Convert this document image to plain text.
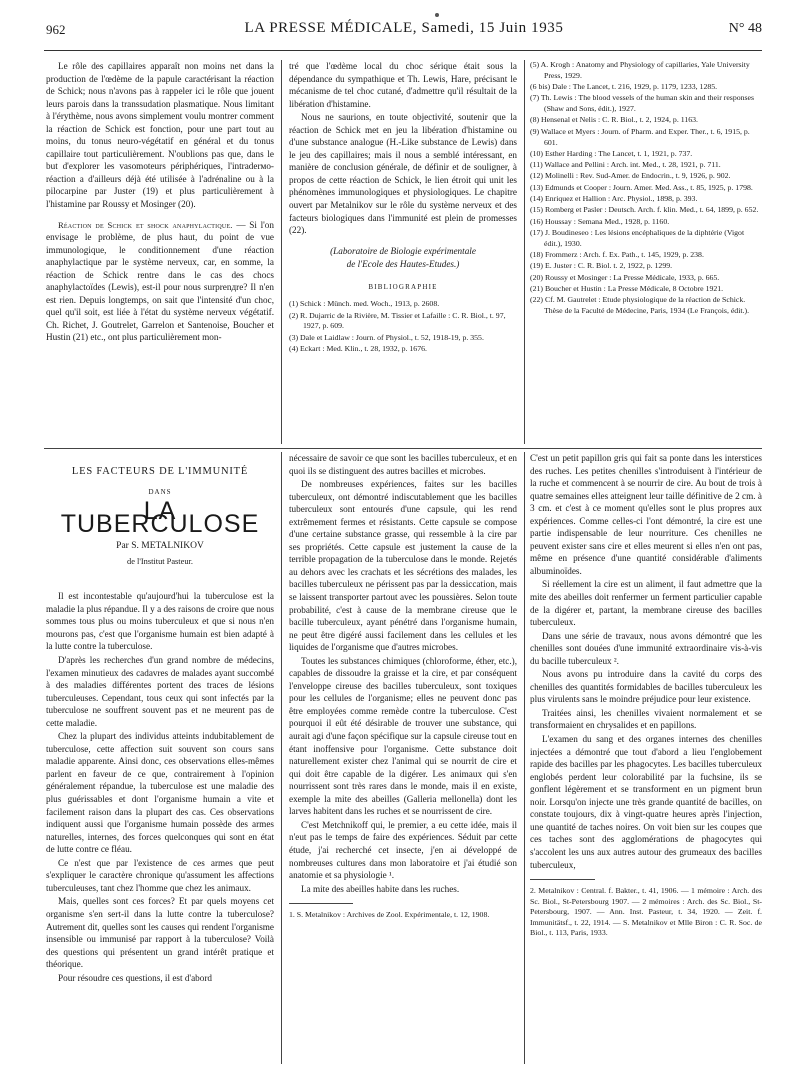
962	LA PRESSE MÉDICALE, Samedi, 15 Juin 1935	N° 48

Le rôle des capillaires apparaît non moins net dans la production de l'œdème de la papule caractérisant la réaction de Schick; nous n'avons pas à rappeler ici le rôle que jouent leurs parois dans la transsudation plasmatique. Nous limitant à l'érythème, nous avons simplement voulu montrer comment la réaction de Schick est fonction, pour une part tout au moins, du tonus neuro-végétatif en général et du tonus capillaire tout particulièrement. N'oublions pas que, dans le but d'explorer les vasomoteurs périphériques, l'intraderмo-réaction a d'ailleurs déjà été utilisée à l'adrénaline ou à la pilocarpine par Juster (19) et plus particulièrement à l'histamine par Roussy et Mosinger (20).

Réaction de Schick et shock anaphylactique. — Si l'on envisage le problème, de plus haut, du point de vue immunologique, le conditionnement d'une réaction anaphylactique par le système nerveux, car, en somme, la réaction de Schick rentre dans le cas des chocs anaphylactoïdes (Lewis), est-il pour nous surprenдre? Il n'en est rien. Depuis longtemps, on sait que l'intensité d'un choc, quel qu'il soit, est liée à l'état du système nerveux végétatif. Ch. Richet, J. Goutrelet, Garrelon et Santenoise, Boucher et Hustin (21) etc., ont plus particulièrement mon-

tré que l'œdème local du choc sérique était sous la dépendance du sympathique et Th. Lewis, Hare, précisant le mécanisme de tel choc cutané, d'admettre qu'il résultait de la libération d'histamine.

Nous ne saurions, en toute objectivité, soutenir que la réaction de Schick met en jeu la libération d'histamine ou d'une substance analogue (H.-Like substance de Lewis) dans le jeu des capillaires; mais il nous a semblé intéressant, en manière de conclusion générale, de définir et de souligner, à propos de cette réaction de Schick, le lien étroit qui unit les phénomènes immunologiques et physiologiques. Le chapitre ouvert par Metalnikov sur le rôle du système nerveux et des facteurs biologiques dans l'immunité est plein de promesses (22).

(Laboratoire de Biologie expérimentale
de l'Ecole des Hautes-Etudes.)
BIBLIOGRAPHIE
(1) Schick : Münch. med. Woch., 1913, p. 2608.
(2) R. Dujarric de la Rivière, M. Tissier et Lafaille : C. R. Biol., t. 97, 1927, p. 609.
(3) Dale et Laidlaw : Journ. of Physiol., t. 52, 1918-19, p. 355.
(4) Eckart : Med. Klin., t. 28, 1932, p. 1676.
(5) A. Krogh : Anatomy and Physiology of capillaries, Yale University Press, 1929.
(6 bis) Dale : The Lancet, t. 216, 1929, p. 1179, 1233, 1285.
(7) Th. Lewis : The blood vessels of the human skin and their responses (Shaw and Sons, édit.), 1927.
(8) Hensenal et Nelis : C. R. Biol., t. 2, 1924, p. 1163.
(9) Wallace et Myers : Journ. of Pharm. and Exper. Ther., t. 6, 1915, p. 601.
(10) Esther Harding : The Lancet, t. 1, 1921, p. 737.
(11) Wallace and Pellini : Arch. int. Med., t. 28, 1921, p. 711.
(12) Molinelli : Rev. Sud-Amer. de Endocrin., t. 9, 1926, p. 902.
(13) Edmunds et Cooper : Journ. Amer. Med. Ass., t. 85, 1925, p. 1798.
(14) Enriquez et Hallion : Arc. Physiol., 1898, p. 393.
(15) Romberg et Pasler : Deutsch. Arch. f. klin. Med., t. 64, 1899, p. 652.
(16) Houssay : Semana Med., 1928, p. 1160.
(17) J. Boudineseo : Les lésions encéphaliques de la diphtérie (Vigot édit.), 1930.
(18) Frommerz : Arch. f. Ex. Path., t. 145, 1929, p. 238.
(19) E. Juster : C. R. Biol. t. 2, 1922, p. 1299.
(20) Roussy et Mosinger : La Presse Médicale, 1933, p. 665.
(21) Boucher et Hustin : La Presse Médicale, 8 Octobre 1921.
(22) Cf. M. Gautrelet : Etude physiologique de la réaction de Schick. Thèse de la Faculté de Médecine, Paris, 1934 (Le François, édit.).
LES FACTEURS DE L'IMMUNITÉ
DANS
LA TUBERCULOSE
Par S. METALNIKOV
de l'Institut Pasteur.

Il est incontestable qu'aujourd'hui la tuberculose est la maladie la plus répandue. Il y a des raisons de croire que nous sommes tous plus ou moins tuberculeux et que si nous n'en mourons pas, c'est que l'organisme humain est bien adapté à la lutte contre la tuberculose.

D'après les recherches d'un grand nombre de médecins, l'examen minutieux des cadavres de malades ayant succombé à des maladies différentes portent des traces de lésions tuberculeuses. Cependant, tous ceux qui sont infectés par la tuberculose ne souffrent souvent pas et ne meurent pas de cette maladie.

Chez la plupart des individus atteints indubitablement de tuberculose, cette affection suit souvent son cours sans maladie apparente. Ainsi donc, ces observations elles-mêmes parlent en faveur de ce que, contrairement à l'opinion généralement répandue, la tuberculose est une maladie des plus guérissables et dont l'organisme humain a vite et facilement raison dans la plupart des cas. Ces observations indiquent aussi que l'organisme humain possède des armes naturelles, internes, des forces quelconques qui sont en état de lutte contre ce fléau.

Ce n'est que par l'existence de ces armes que peut s'expliquer le caractère chronique qu'assument les affections tuberculeuses, tant chez l'homme que chez les animaux.

Mais, quelles sont ces forces? Et par quels moyens cet organisme s'en sert-il dans la lutte contre la tuberculose? Autrement dit, quelles sont les causes qui rendent l'organisme insensible ou immunisé par rapport à la tuberculose? Voilà des questions qui présentent un grand intérêt pratique et théorique.

Pour résoudre ces questions, il est d'abord

nécessaire de savoir ce que sont les bacilles tuberculeux, et en quoi ils se distinguent des autres bacilles et microbes.

De nombreuses expériences, faites sur les bacilles tuberculeux, ont démontré indiscutablement que les bacilles tuberculeux sont entourés d'une capsule, qui les rend extrêmement fermes et résistants. Cette capsule se compose d'une certaine substance grasse, qui ressemble à la cire par ses propriétés. Cette capsule est justement la cause de la terrible propagation de la tuberculose dans le monde. Rejetés au dehors avec les crachats et les sécrétions des malades, les bacilles tuberculeux ne périssent pas par la dessiccation, mais se laissent transporter partout avec les poussières. Selon toute probabilité, c'est à cause de la membrane cireuse que le bacille tuberculeux, ayant pénétré dans l'organisme humain, ne peut être digéré aussi facilement dans les cellules et les liquides de l'organisme que d'autres microbes.

Toutes les substances chimiques (chloroforme, éther, etc.), capables de dissoudre la graisse et la cire, et par conséquent l'enveloppe cireuse des bacilles tuberculeux, sont toxiques pour les cellules de l'organisme; elles ne peuvent donc pas être employées comme remède contre la tuberculose. C'est pourquoi il eût été désirable de trouver une substance, qui aurait agi d'une façon spécifique sur la capsule cireuse tout en étant inoffensive pour l'organisme. Cette substance doit naturellement exister chez l'animal qui se nourrit de cire et qui doit être capable de la digérer. Les animaux qui s'en nourrissent sont très rares dans le monde, mais il en existe, exemple la mite des abeilles (Galleria mellonella) dont les larves habitent dans les ruches et se nourrissent de cire.

C'est Metchnikoff qui, le premier, a eu cette idée, mais il n'eut pas le temps de faire des expériences. Séduit par cette étude, j'ai recherché cet insecte, j'en ai développé de nombreuses cultures dans mon laboratoire et j'ai étudié son anatomie et sa physiologie ¹.

La mite des abeilles habite dans les ruches.

1. S. Metalnikov : Archives de Zool. Expérimentale, t. 12, 1908.

C'est un petit papillon gris qui fait sa ponte dans les interstices des ruches. Les petites chenilles s'introduisent à l'intérieur de la ruche et commencent à se nourrir de cire. Au bout de trois à quatre semaines elles atteignent leur taille définitive de 2 cm. à 3 cm. et c'est à ce moment qu'elles sont le plus propres aux expériences. Comme celles-ci l'ont démontré, la cire est une partie indispensable de leur nourriture. Ces chenilles ne peuvent exister sans cire et elles meurent si elles n'en ont pas, même en présence d'une quantité considérable d'aliments albuminoïdes.

Si réellement la cire est un aliment, il faut admettre que la mite des abeilles doit renfermer un ferment particulier capable de la digérer et, partant, la membrane cireuse des bacilles tuberculeux.

Dans une série de travaux, nous avons démontré que les chenilles sont douées d'une immunité extraordinaire vis-à-vis du bacille tuberculeux ².

Nous avons pu introduire dans la cavité du corps des chenilles des quantités formidables de bacilles tuberculeux les plus virulents sans le moindre préjudice pour leur existence.

Traitées ainsi, les chenilles vivaient normalement et se transformaient en chrysalides et en papillons.

L'examen du sang et des organes internes des chenilles injectées a démontré que tout d'abord a lieu l'englobement rapide des bacilles par les phagocytes. Les bacilles tuberculeux englobés perdent leur colorabilité par la fuchsine, ils se gonflent légèrement et se transforment en un pigment brun noir. Lorsqu'on injecte une très grande quantité de bacilles, on constate toujours, dix à vingt-quatre heures après l'injection, une quantité de taches noires. On voit bien sur les coupes que ces taches sont des agglomérations de phagocytes qui s'accolent les uns aux autres autour des grumeaux des bacilles tuberculeux,

2. Metalnikov : Central. f. Bakter., t. 41, 1906. — 1 mémoire : Arch. des Sc. Biol., St-Petersbourg 1907. — 2 mémoires : Arch. des Sc. Biol., St-Petersbourg, 1907. — Ann. Inst. Pasteur, t. 34, 1920. — Zeit. f. Immunitätsf., t. 22, 1914. — S. Metalnikov et Mlle Biron : C. R. Soc. de Biol., t. 113, Paris, 1933.
